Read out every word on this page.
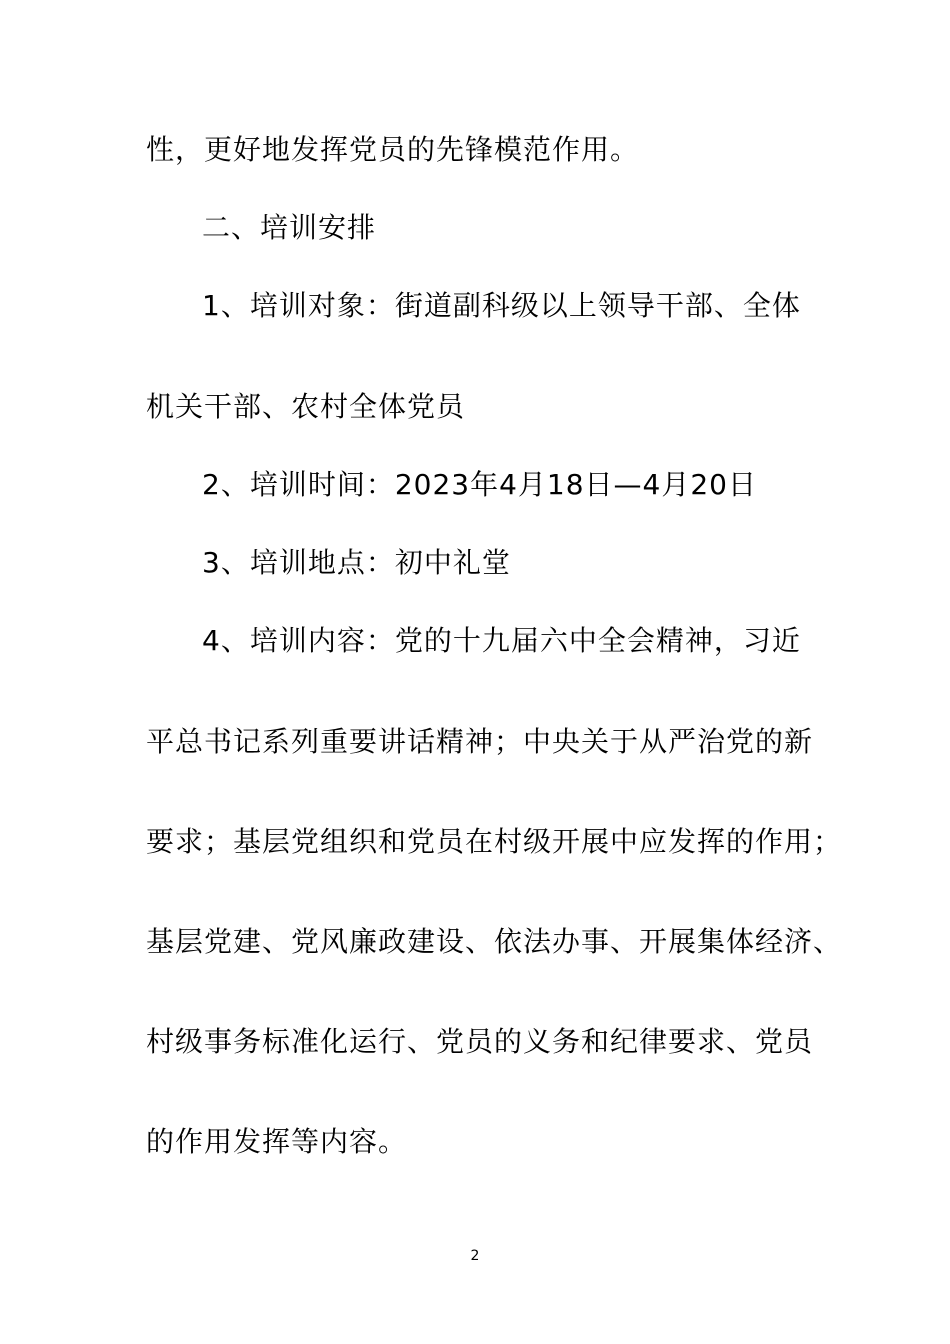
性，更好地发挥党员的先锋模范作用。

二、培训安排

1、培训对象：街道副科级以上领导干部、全体

机关干部、农村全体党员

2、培训时间：2023年4月18日—4月20日

3、培训地点：初中礼堂

4、培训内容：党的十九届六中全会精神，习近

平总书记系列重要讲话精神；中央关于从严治党的新

要求；基层党组织和党员在村级开展中应发挥的作用；

基层党建、党风廉政建设、依法办事、开展集体经济、

村级事务标准化运行、党员的义务和纪律要求、党员

的作用发挥等内容。

2
